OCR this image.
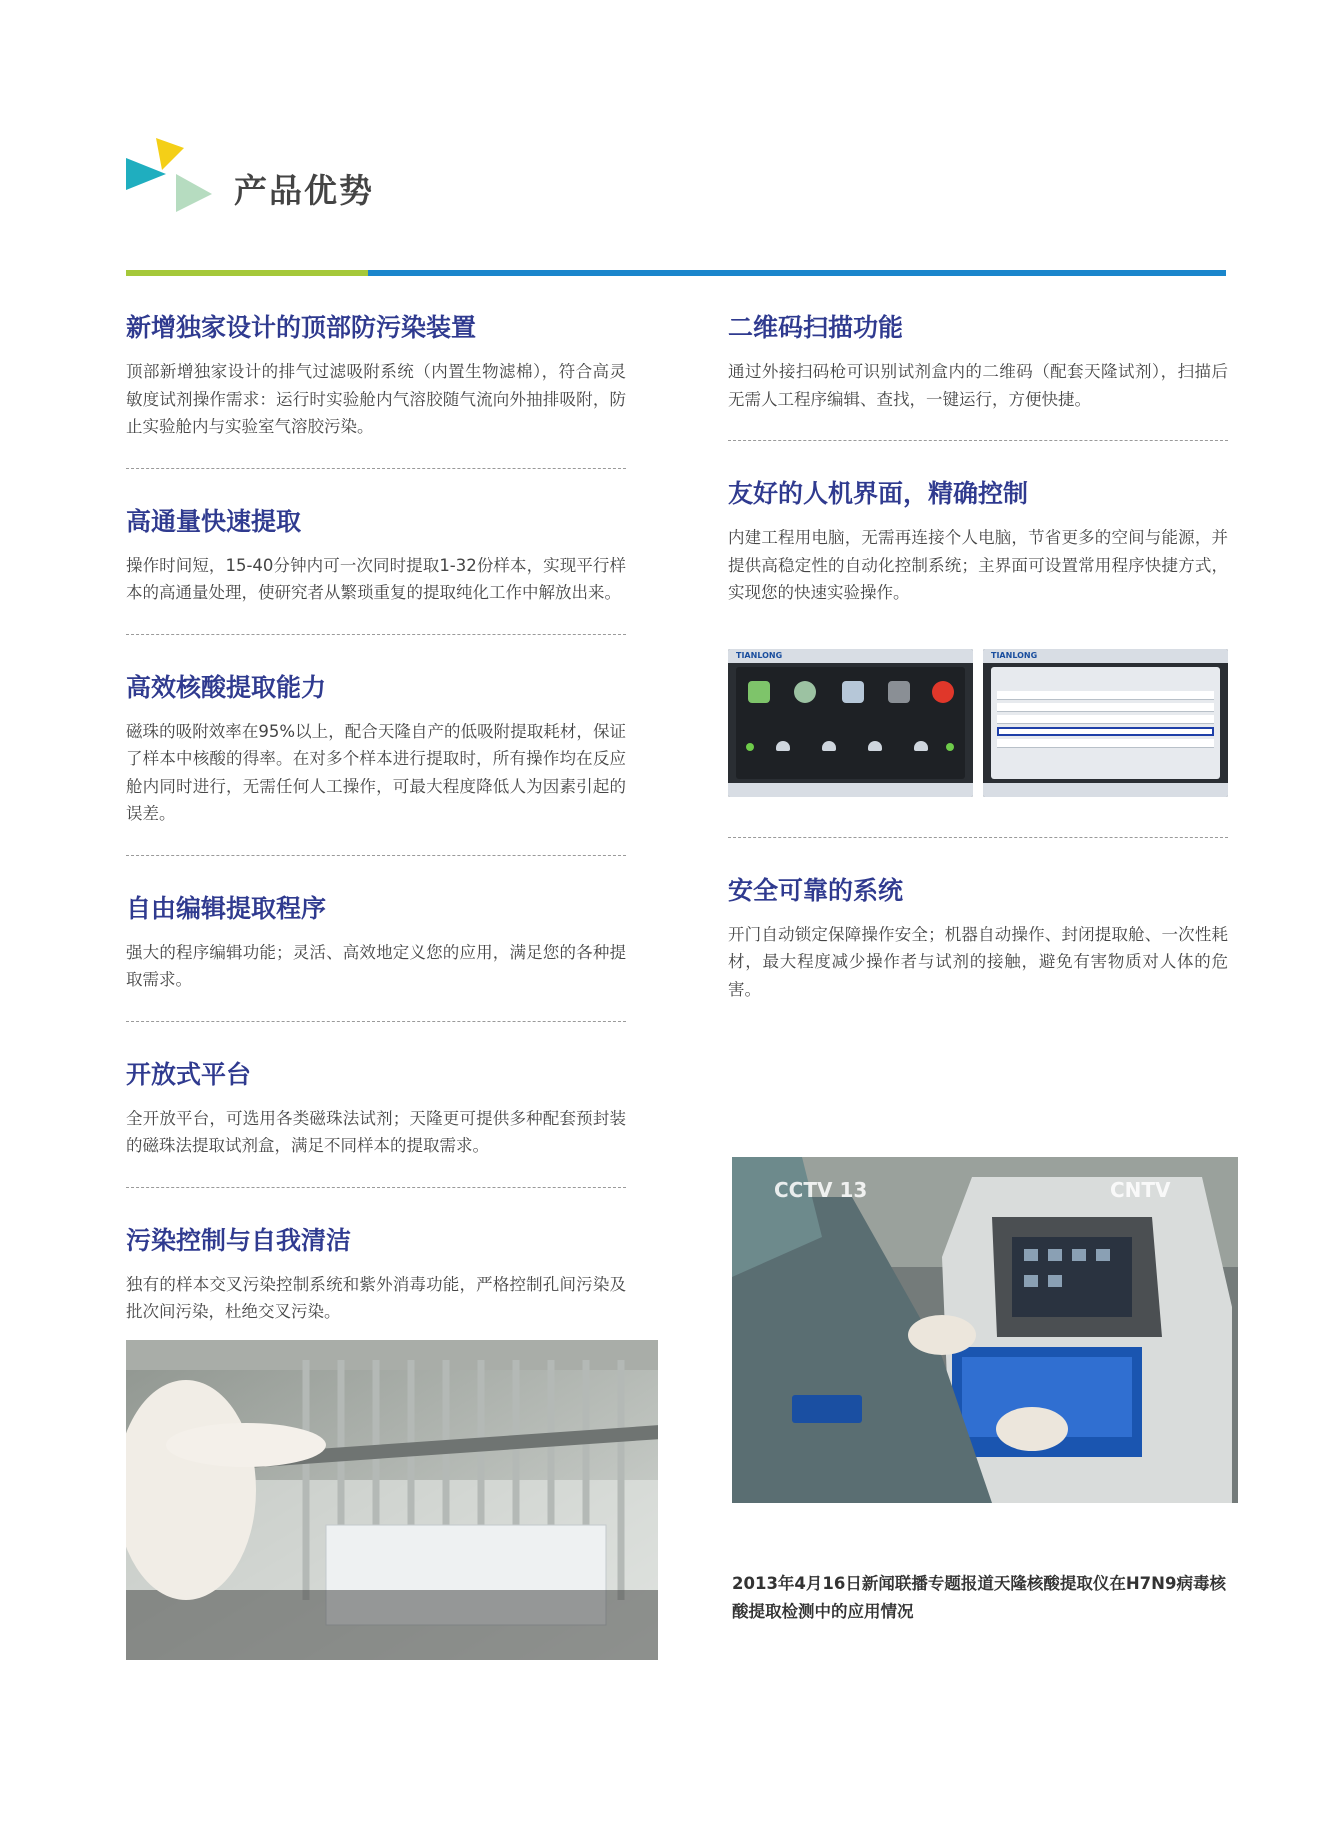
产品优势
新增独家设计的顶部防污染装置

顶部新增独家设计的排气过滤吸附系统（内置生物滤棉），符合高灵敏度试剂操作需求：运行时实验舱内气溶胶随气流向外抽排吸附，防止实验舱内与实验室气溶胶污染。

高通量快速提取

操作时间短，15-40分钟内可一次同时提取1-32份样本，实现平行样本的高通量处理，使研究者从繁琐重复的提取纯化工作中解放出来。

高效核酸提取能力

磁珠的吸附效率在95%以上，配合天隆自产的低吸附提取耗材，保证了样本中核酸的得率。在对多个样本进行提取时，所有操作均在反应舱内同时进行，无需任何人工操作，可最大程度降低人为因素引起的误差。

自由编辑提取程序

强大的程序编辑功能；灵活、高效地定义您的应用，满足您的各种提取需求。

开放式平台

全开放平台，可选用各类磁珠法试剂；天隆更可提供多种配套预封装的磁珠法提取试剂盒，满足不同样本的提取需求。

污染控制与自我清洁

独有的样本交叉污染控制系统和紫外消毒功能，严格控制孔间污染及批次间污染，杜绝交叉污染。

二维码扫描功能

通过外接扫码枪可识别试剂盒内的二维码（配套天隆试剂），扫描后无需人工程序编辑、查找，一键运行，方便快捷。

友好的人机界面，精确控制

内建工程用电脑，无需再连接个人电脑，节省更多的空间与能源，并提供高稳定性的自动化控制系统；主界面可设置常用程序快捷方式，实现您的快速实验操作。

TIANLONG	TIANLONG
安全可靠的系统

开门自动锁定保障操作安全；机器自动操作、封闭提取舱、一次性耗材，最大程度减少操作者与试剂的接触，避免有害物质对人体的危害。

CCTV 13	CNTV
2013年4月16日新闻联播专题报道天隆核酸提取仪在H7N9病毒核酸提取检测中的应用情况
